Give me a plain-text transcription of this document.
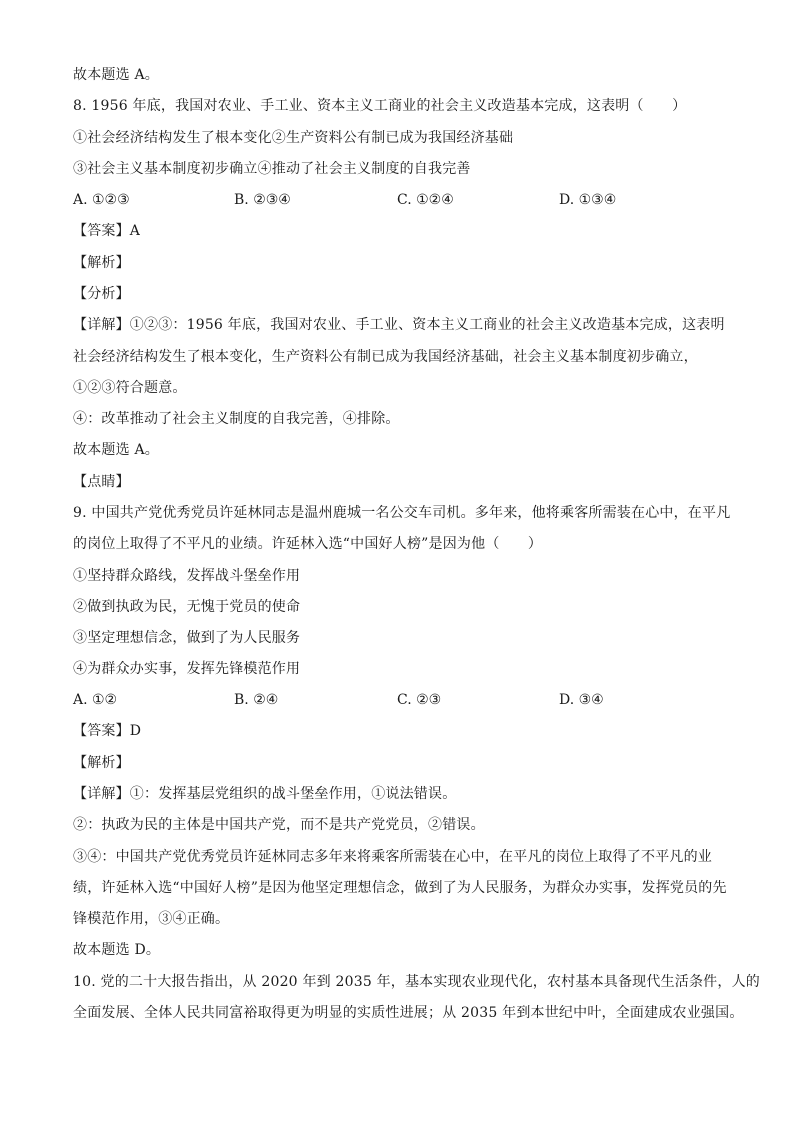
故本题选 A。
8. 1956 年底，我国对农业、手工业、资本主义工商业的社会主义改造基本完成，这表明（　　）
①社会经济结构发生了根本变化②生产资料公有制已成为我国经济基础
③社会主义基本制度初步确立④推动了社会主义制度的自我完善
A. ①②③	B. ②③④	C. ①②④	D. ①③④
【答案】A
【解析】
【分析】
【详解】①②③：1956 年底，我国对农业、手工业、资本主义工商业的社会主义改造基本完成，这表明
社会经济结构发生了根本变化，生产资料公有制已成为我国经济基础，社会主义基本制度初步确立，
①②③符合题意。
④：改革推动了社会主义制度的自我完善，④排除。
故本题选 A。
【点睛】
9. 中国共产党优秀党员许延林同志是温州鹿城一名公交车司机。多年来，他将乘客所需装在心中，在平凡
的岗位上取得了不平凡的业绩。许延林入选“中国好人榜”是因为他（　　）
①坚持群众路线，发挥战斗堡垒作用
②做到执政为民，无愧于党员的使命
③坚定理想信念，做到了为人民服务
④为群众办实事，发挥先锋模范作用
A. ①②	B. ②④	C. ②③	D. ③④
【答案】D
【解析】
【详解】①：发挥基层党组织的战斗堡垒作用，①说法错误。
②：执政为民的主体是中国共产党，而不是共产党党员，②错误。
③④：中国共产党优秀党员许延林同志多年来将乘客所需装在心中，在平凡的岗位上取得了不平凡的业
绩，许延林入选“中国好人榜”是因为他坚定理想信念，做到了为人民服务，为群众办实事，发挥党员的先
锋模范作用，③④正确。
故本题选 D。
10. 党的二十大报告指出，从 2020 年到 2035 年，基本实现农业现代化，农村基本具备现代生活条件，人的
全面发展、全体人民共同富裕取得更为明显的实质性进展；从 2035 年到本世纪中叶，全面建成农业强国。
